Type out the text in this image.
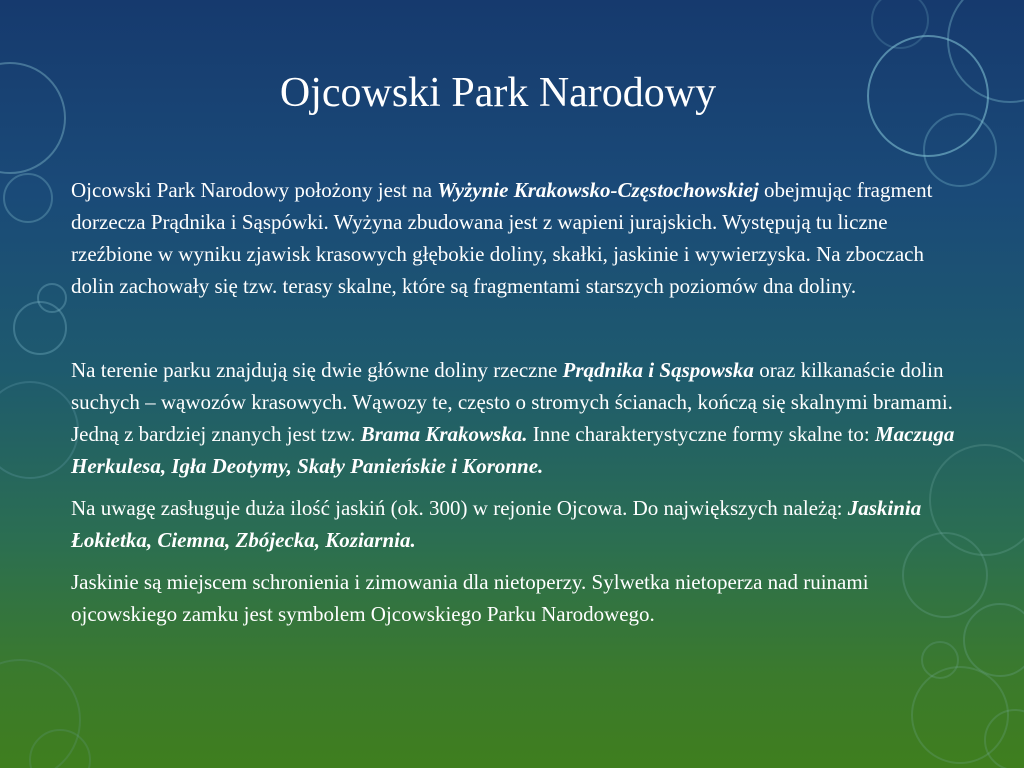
Ojcowski Park Narodowy

Ojcowski Park Narodowy położony jest na Wyżynie Krakowsko-Częstochowskiej obejmując fragment dorzecza Prądnika i Sąspówki. Wyżyna zbudowana jest z wapieni jurajskich. Występują tu liczne rzeźbione w wyniku zjawisk krasowych głębokie doliny, skałki, jaskinie i wywierzyska. Na zboczach dolin zachowały się tzw. terasy skalne, które są fragmentami starszych poziomów dna doliny.

Na terenie parku znajdują się dwie główne doliny rzeczne Prądnika i Sąspowska oraz kilkanaście dolin suchych – wąwozów krasowych. Wąwozy te, często o stromych ścianach, kończą się skalnymi bramami. Jedną z bardziej znanych jest tzw. Brama Krakowska. Inne charakterystyczne formy skalne to: Maczuga Herkulesa, Igła Deotymy, Skały Panieńskie i Koronne.

Na uwagę zasługuje duża ilość jaskiń (ok. 300) w rejonie Ojcowa. Do największych należą: Jaskinia Łokietka, Ciemna, Zbójecka, Koziarnia.

Jaskinie są miejscem schronienia i zimowania dla nietoperzy. Sylwetka nietoperza nad ruinami ojcowskiego zamku jest symbolem Ojcowskiego Parku Narodowego.
